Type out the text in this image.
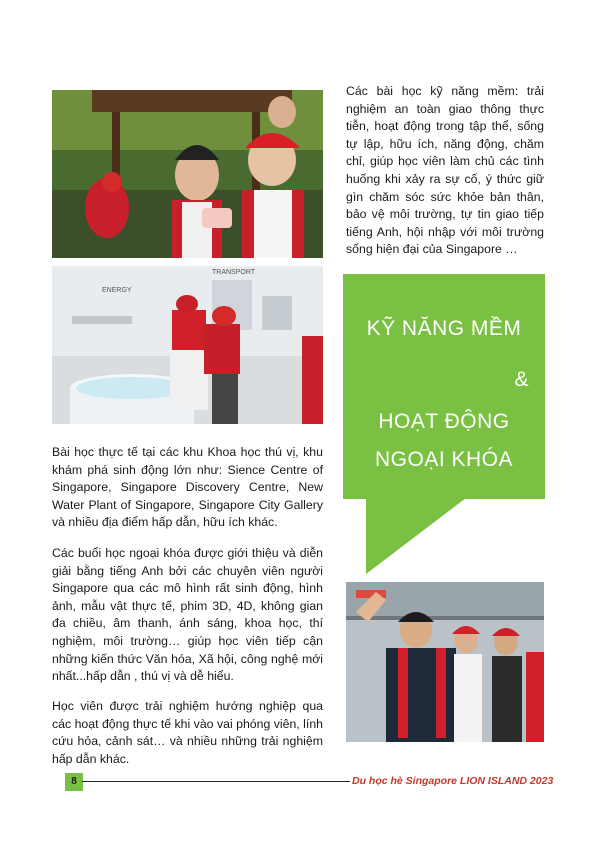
ENERGY
TRANSPORT

Các bài học kỹ năng mềm: trải nghiệm an toàn giao thông thực tiễn, hoạt động trong tập thể, sống tự lập, hữu ích, năng động, chăm chỉ, giúp học viên làm chủ các tình huống khi xảy ra sự cố, ý thức giữ gìn chăm sóc sức khỏe bản thân, bảo vệ môi trường, tự tin giao tiếp tiếng Anh, hội nhập với môi trường sống hiện đại của Singapore …

KỸ NĂNG MỀM
&
HOẠT ĐỘNG
NGOẠI KHÓA

Bài học thực tế tại các khu Khoa học thú vị, khu khám phá sinh động lớn như: Sience Centre of Singapore, Singapore Discovery Centre, New Water Plant of Singapore, Singapore City Gallery và nhiều địa điểm hấp dẫn, hữu ích khác.

Các buổi học ngoại khóa được giới thiệu và diễn giải bằng tiếng Anh bởi các chuyên viên người Singapore qua các mô hình rất sinh động, hình ảnh, mẫu vật thực tế, phim 3D, 4D, không gian đa chiều, âm thanh, ánh sáng, khoa học, thí nghiệm, môi trường… giúp học viên tiếp cận những kiến thức Văn hóa, Xã hội, công nghệ mới nhất...hấp dẫn , thú vị và dễ hiểu.

Học viên được trải nghiệm hướng nghiệp qua các hoạt động thực tế khi vào vai phóng viên, lính cứu hỏa, cảnh sát… và nhiều những trải nghiệm hấp dẫn khác.

8	Du học hè Singapore LION ISLAND 2023
